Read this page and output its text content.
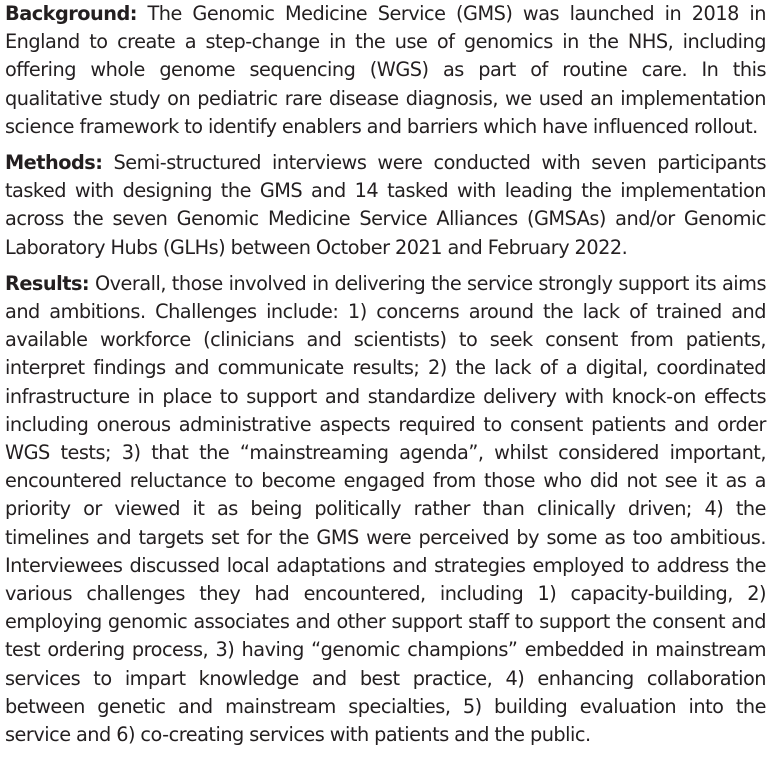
Background: The Genomic Medicine Service (GMS) was launched in 2018 in England to create a step-change in the use of genomics in the NHS, including offering whole genome sequencing (WGS) as part of routine care. In this qualitative study on pediatric rare disease diagnosis, we used an implementation science framework to identify enablers and barriers which have influenced rollout.

Methods: Semi-structured interviews were conducted with seven participants tasked with designing the GMS and 14 tasked with leading the implementation across the seven Genomic Medicine Service Alliances (GMSAs) and/or Genomic Laboratory Hubs (GLHs) between October 2021 and February 2022.

Results: Overall, those involved in delivering the service strongly support its aims and ambitions. Challenges include: 1) concerns around the lack of trained and available workforce (clinicians and scientists) to seek consent from patients, interpret findings and communicate results; 2) the lack of a digital, coordinated infrastructure in place to support and standardize delivery with knock-on effects including onerous administrative aspects required to consent patients and order WGS tests; 3) that the “mainstreaming agenda”, whilst considered important, encountered reluctance to become engaged from those who did not see it as a priority or viewed it as being politically rather than clinically driven; 4) the timelines and targets set for the GMS were perceived by some as too ambitious. Interviewees discussed local adaptations and strategies employed to address the various challenges they had encountered, including 1) capacity-building, 2) employing genomic associates and other support staff to support the consent and test ordering process, 3) having “genomic champions” embedded in mainstream services to impart knowledge and best practice, 4) enhancing collaboration between genetic and mainstream specialties, 5) building evaluation into the service and 6) co-creating services with patients and the public.
